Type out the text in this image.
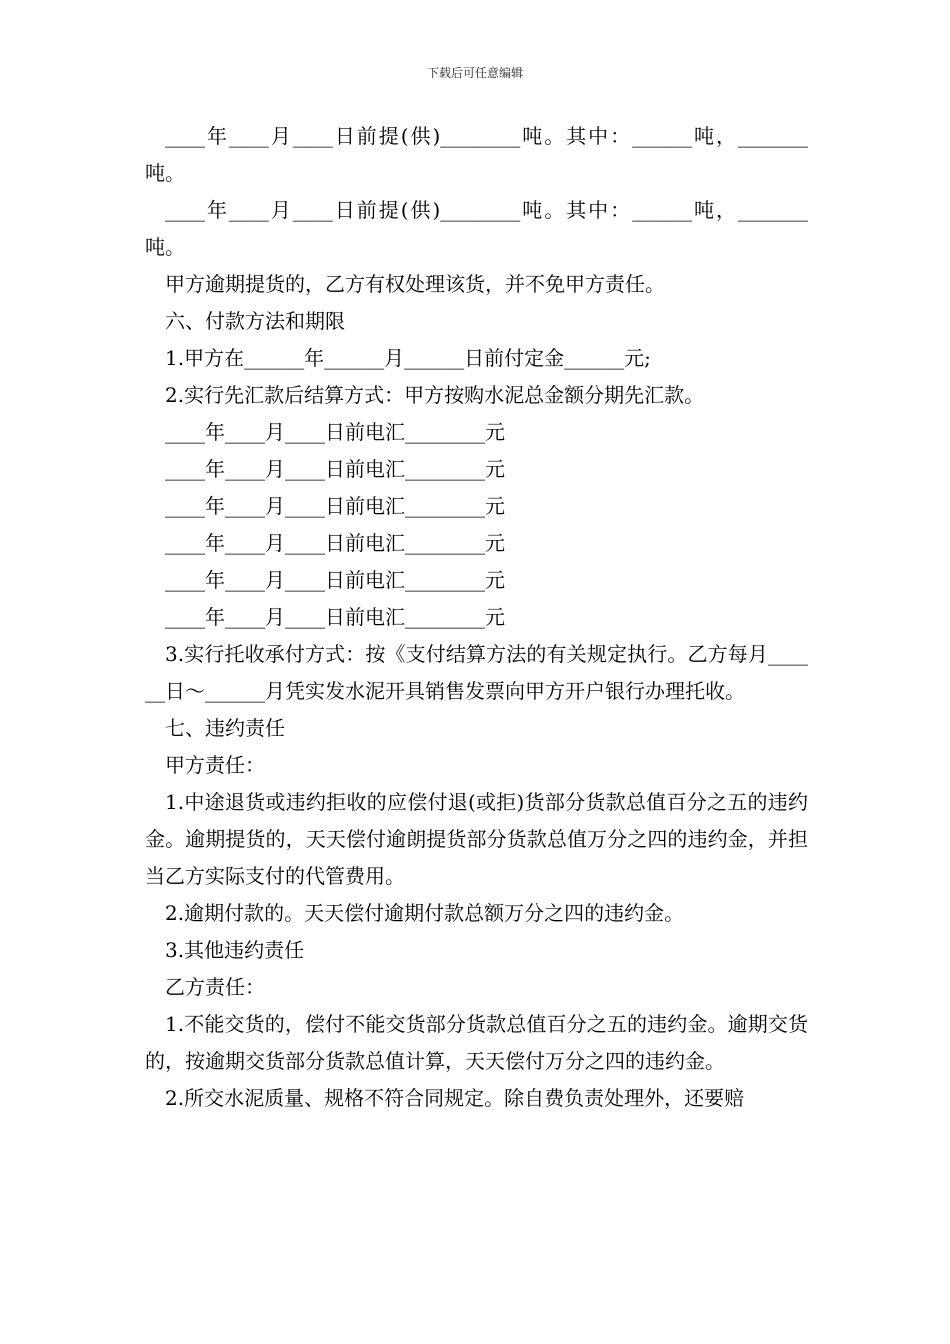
下载后可任意编辑

____年____月____日前提(供)________吨。其中：______吨，_______吨。

____年____月____日前提(供)________吨。其中：______吨，_______吨。

甲方逾期提货的，乙方有权处理该货，并不免甲方责任。

六、付款方法和期限

1.甲方在______年______月______日前付定金______元;

2.实行先汇款后结算方式：甲方按购水泥总金额分期先汇款。

____年____月____日前电汇________元

____年____月____日前电汇________元

____年____月____日前电汇________元

____年____月____日前电汇________元

____年____月____日前电汇________元

____年____月____日前电汇________元

3.实行托收承付方式：按《支付结算方法的有关规定执行。乙方每月______日～______月凭实发水泥开具销售发票向甲方开户银行办理托收。

七、违约责任

甲方责任：

1.中途退货或违约拒收的应偿付退(或拒)货部分货款总值百分之五的违约金。逾期提货的，天天偿付逾朗提货部分货款总值万分之四的违约金，并担当乙方实际支付的代管费用。

2.逾期付款的。天天偿付逾期付款总额万分之四的违约金。

3.其他违约责任

乙方责任：

1.不能交货的，偿付不能交货部分货款总值百分之五的违约金。逾期交货的，按逾期交货部分货款总值计算，天天偿付万分之四的违约金。

2.所交水泥质量、规格不符合同规定。除自费负责处理外，还要赔
